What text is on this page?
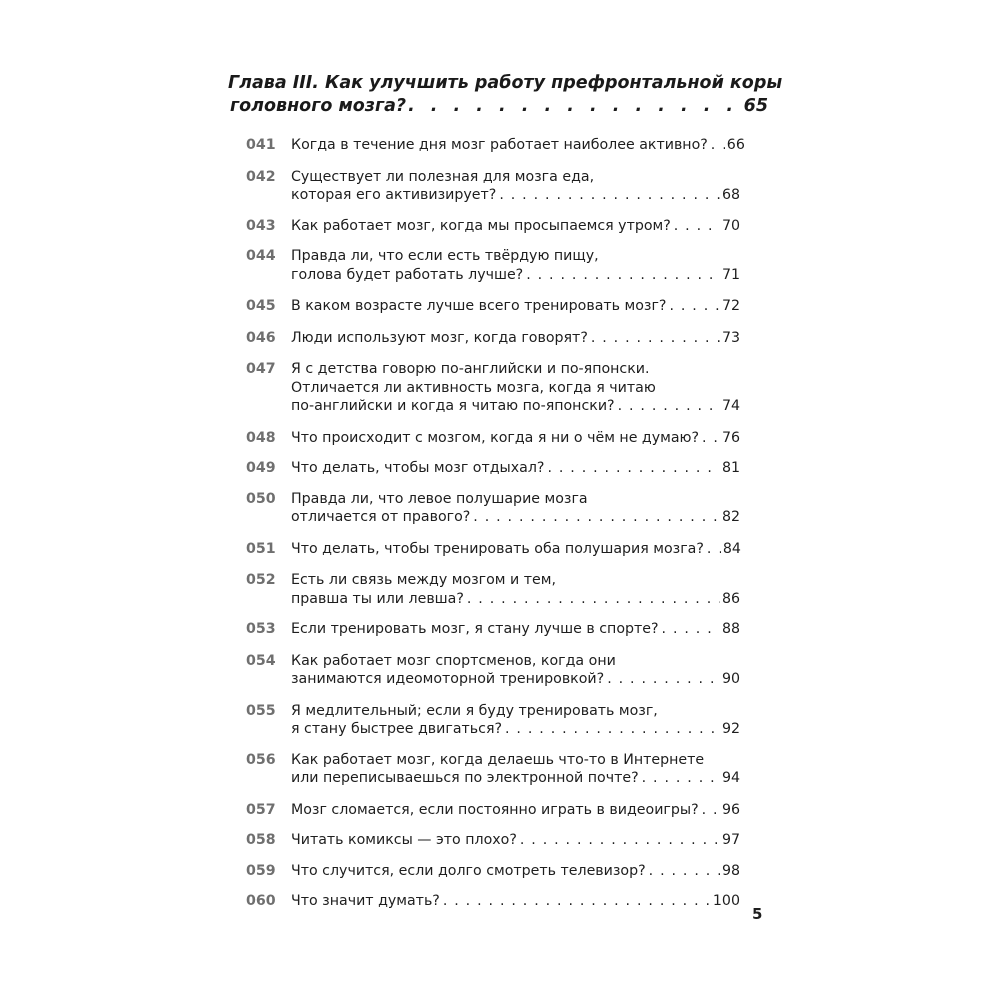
Глава III. Как улучшить работу префронтальной коры
головного мозга? . . .	65
041	Когда в течение дня мозг работает наиболее активно? . . . 66
042	Существует ли полезная для мозга еда,
которая его активизирует? . . .	68
043	Как работает мозг, когда мы просыпаемся утром? . . .	70
044	Правда ли, что если есть твёрдую пищу,
голова будет работать лучше? . . .	71
045	В каком возрасте лучше всего тренировать мозг? . . .	72
046	Люди используют мозг, когда говорят? . . .	73
047	Я с детства говорю по-английски и по-японски.
Отличается ли активность мозга, когда я читаю
по-английски и когда я читаю по-японски? . . .	74
048	Что происходит с мозгом, когда я ни о чём не думаю? . . . 76
049	Что делать, чтобы мозг отдыхал? . . .	81
050	Правда ли, что левое полушарие мозга
отличается от правого? . . .	82
051	Что делать, чтобы тренировать оба полушария мозга? . . . 84
052	Есть ли связь между мозгом и тем,
правша ты или левша? . . .	86
053	Если тренировать мозг, я стану лучше в спорте? . . .	88
054	Как работает мозг спортсменов, когда они
занимаются идеомоторной тренировкой? . . .	90
055	Я медлительный; если я буду тренировать мозг,
я стану быстрее двигаться? . . .	92
056	Как работает мозг, когда делаешь что-то в Интернете
или переписываешься по электронной почте? . . .	94
057	Мозг сломается, если постоянно играть в видеоигры? . . . 96
058	Читать комиксы — это плохо? . . .	97
059	Что случится, если долго смотреть телевизор? . . .	98
060	Что значит думать? . . .	100
5
